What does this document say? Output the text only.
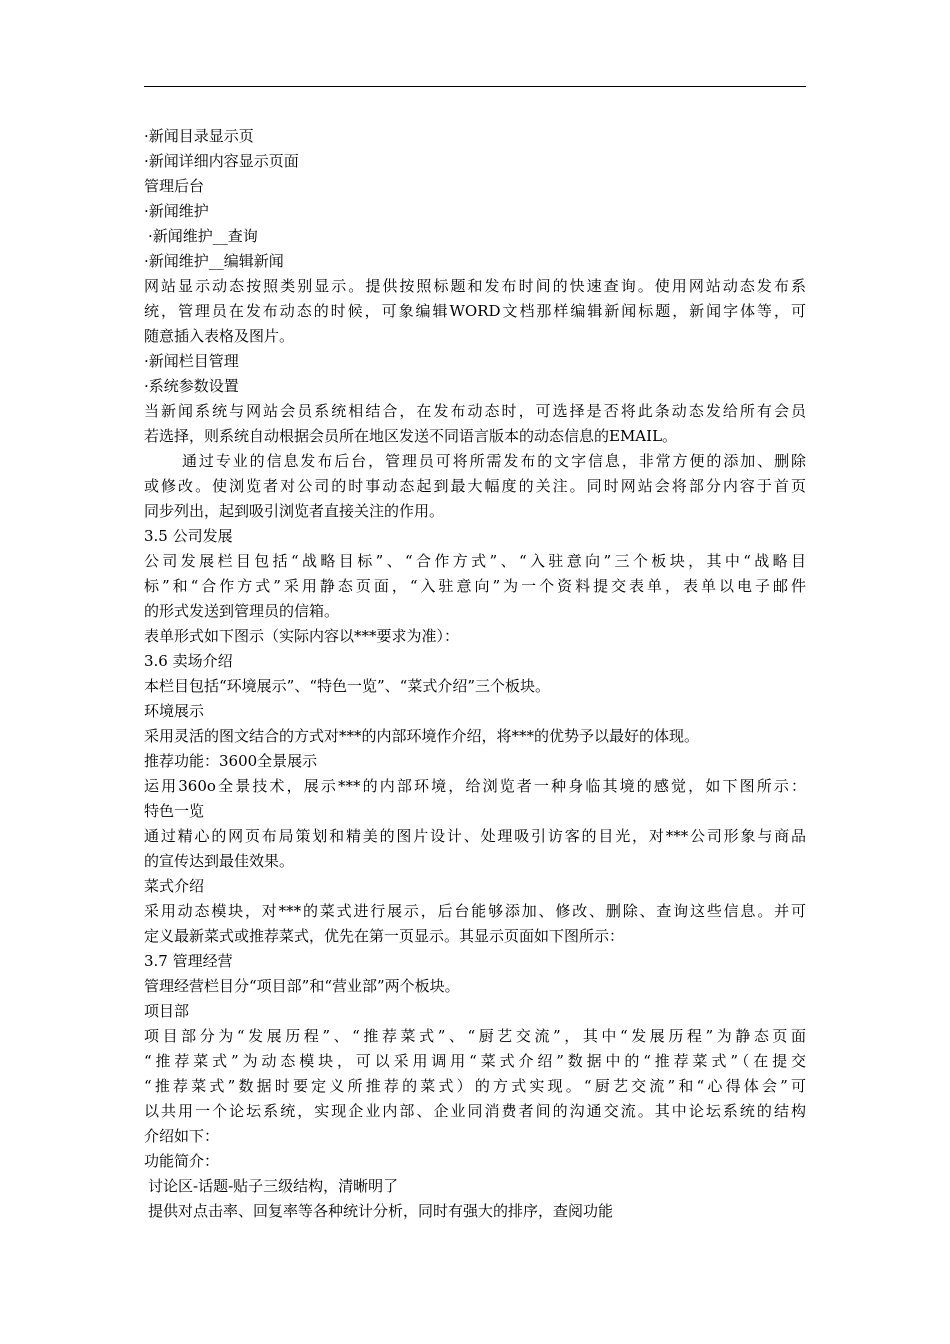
·新闻目录显示页
·新闻详细内容显示页面
管理后台
·新闻维护
·新闻维护__查询
·新闻维护__编辑新闻
网站显示动态按照类别显示。提供按照标题和发布时间的快速查询。使用网站动态发布系
统，管理员在发布动态的时候，可象编辑WORD文档那样编辑新闻标题，新闻字体等，可
随意插入表格及图片。
·新闻栏目管理
·系统参数设置
当新闻系统与网站会员系统相结合，在发布动态时，可选择是否将此条动态发给所有会员
若选择，则系统自动根据会员所在地区发送不同语言版本的动态信息的EMAIL。
通过专业的信息发布后台，管理员可将所需发布的文字信息，非常方便的添加、删除
或修改。使浏览者对公司的时事动态起到最大幅度的关注。同时网站会将部分内容于首页
同步列出，起到吸引浏览者直接关注的作用。
3.5 公司发展
公司发展栏目包括“战略目标”、“合作方式”、“入驻意向”三个板块，其中“战略目
标”和“合作方式”采用静态页面，“入驻意向”为一个资料提交表单，表单以电子邮件
的形式发送到管理员的信箱。
表单形式如下图示（实际内容以***要求为准）：
3.6 卖场介绍
本栏目包括“环境展示”、“特色一览”、“菜式介绍”三个板块。
环境展示
采用灵活的图文结合的方式对***的内部环境作介绍，将***的优势予以最好的体现。
推荐功能：3600全景展示
运用360o全景技术，展示***的内部环境，给浏览者一种身临其境的感觉，如下图所示：
特色一览
通过精心的网页布局策划和精美的图片设计、处理吸引访客的目光，对***公司形象与商品
的宣传达到最佳效果。
菜式介绍
采用动态模块，对***的菜式进行展示，后台能够添加、修改、删除、查询这些信息。并可
定义最新菜式或推荐菜式，优先在第一页显示。其显示页面如下图所示：
3.7 管理经营
管理经营栏目分“项目部”和“营业部”两个板块。
项目部
项目部分为“发展历程”、“推荐菜式”、“厨艺交流”，其中“发展历程”为静态页面
“推荐菜式”为动态模块，可以采用调用“菜式介绍”数据中的“推荐菜式”（在提交
“推荐菜式”数据时要定义所推荐的菜式）的方式实现。“厨艺交流”和“心得体会”可
以共用一个论坛系统，实现企业内部、企业同消费者间的沟通交流。其中论坛系统的结构
介绍如下：
功能简介：
讨论区-话题-贴子三级结构，清晰明了
提供对点击率、回复率等各种统计分析，同时有强大的排序，查阅功能
